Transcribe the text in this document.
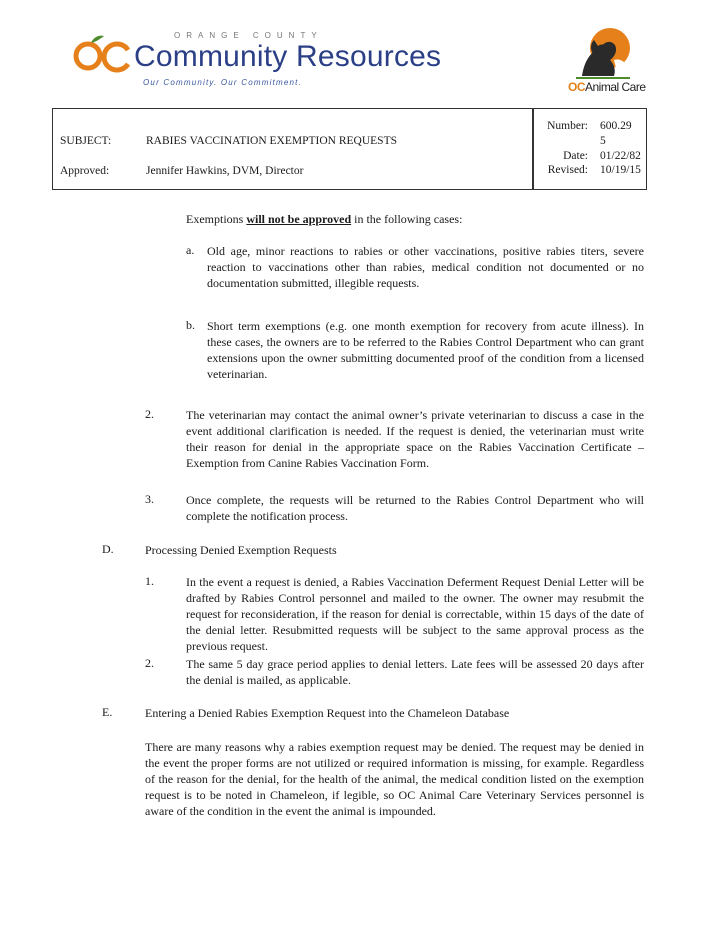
ORANGE COUNTY
Community Resources
Our Community. Our Commitment.	OCAnimal Care
SUBJECT:	RABIES VACCINATION EXEMPTION REQUESTS
Approved:	Jennifer Hawkins, DVM, Director
Number: 600.29
5
Date: 01/22/82
Revised: 10/19/15
Exemptions will not be approved in the following cases:
a. Old age, minor reactions to rabies or other vaccinations, positive rabies titers, severe reaction to vaccinations other than rabies, medical condition not documented or no documentation submitted, illegible requests.
b. Short term exemptions (e.g. one month exemption for recovery from acute illness). In these cases, the owners are to be referred to the Rabies Control Department who can grant extensions upon the owner submitting documented proof of the condition from a licensed veterinarian.
2.	The veterinarian may contact the animal owner’s private veterinarian to discuss a case in the event additional clarification is needed. If the request is denied, the veterinarian must write their reason for denial in the appropriate space on the Rabies Vaccination Certificate – Exemption from Canine Rabies Vaccination Form.
3.	Once complete, the requests will be returned to the Rabies Control Department who will complete the notification process.
D.	Processing Denied Exemption Requests
1.	In the event a request is denied, a Rabies Vaccination Deferment Request Denial Letter will be drafted by Rabies Control personnel and mailed to the owner. The owner may resubmit the request for reconsideration, if the reason for denial is correctable, within 15 days of the date of the denial letter. Resubmitted requests will be subject to the same approval process as the previous request.
2.	The same 5 day grace period applies to denial letters. Late fees will be assessed 20 days after the denial is mailed, as applicable.
E.	Entering a Denied Rabies Exemption Request into the Chameleon Database
There are many reasons why a rabies exemption request may be denied. The request may be denied in the event the proper forms are not utilized or required information is missing, for example. Regardless of the reason for the denial, for the health of the animal, the medical condition listed on the exemption request is to be noted in Chameleon, if legible, so OC Animal Care Veterinary Services personnel is aware of the condition in the event the animal is impounded.
